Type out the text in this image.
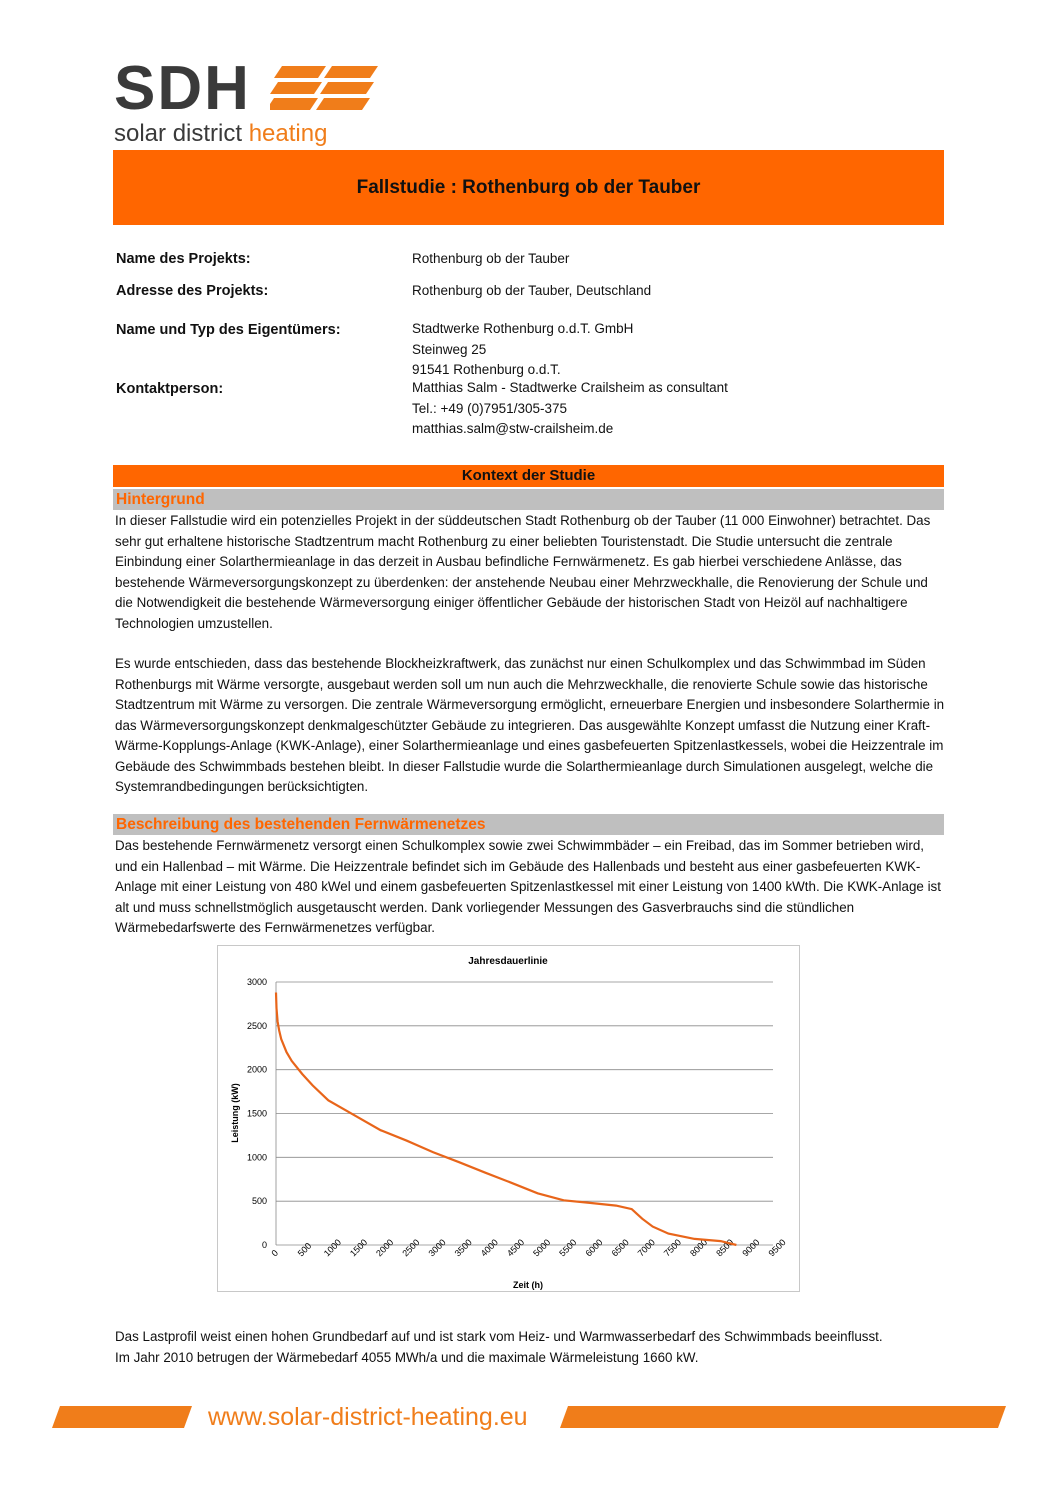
SDH
solar district heating
Fallstudie : Rothenburg ob der Tauber
Name des Projekts:	Rothenburg ob der Tauber
Adresse des Projekts:	Rothenburg ob der Tauber, Deutschland
Name und Typ des Eigentümers:	Stadtwerke Rothenburg o.d.T. GmbH
Steinweg 25
91541 Rothenburg o.d.T.
Kontaktperson:	Matthias Salm - Stadtwerke Crailsheim as consultant
Tel.: +49 (0)7951/305-375
matthias.salm@stw-crailsheim.de
Kontext der Studie
Hintergrund

In dieser Fallstudie wird ein potenzielles Projekt in der süddeutschen Stadt Rothenburg ob der Tauber (11 000 Einwohner) betrachtet. Das sehr gut erhaltene historische Stadtzentrum macht Rothenburg zu einer beliebten Touristenstadt. Die Studie untersucht die zentrale Einbindung einer Solarthermieanlage in das derzeit in Ausbau befindliche Fernwärmenetz. Es gab hierbei verschiedene Anlässe, das bestehende Wärmeversorgungskonzept zu überdenken: der anstehende Neubau einer Mehrzweckhalle, die Renovierung der Schule und die Notwendigkeit die bestehende Wärmeversorgung einiger öffentlicher Gebäude der historischen Stadt von Heizöl auf nachhaltigere Technologien umzustellen.

Es wurde entschieden, dass das bestehende Blockheizkraftwerk, das zunächst nur einen Schulkomplex und das Schwimmbad im Süden Rothenburgs mit Wärme versorgte, ausgebaut werden soll um nun auch die Mehrzweckhalle, die renovierte Schule sowie das historische Stadtzentrum mit Wärme zu versorgen. Die zentrale Wärmeversorgung ermöglicht, erneuerbare Energien und insbesondere Solarthermie in das Wärmeversorgungskonzept denkmalgeschützter Gebäude zu integrieren. Das ausgewählte Konzept umfasst die Nutzung einer Kraft-Wärme-Kopplungs-Anlage (KWK-Anlage), einer Solarthermieanlage und eines gasbefeuerten Spitzenlastkessels, wobei die Heizzentrale im Gebäude des Schwimmbads bestehen bleibt. In dieser Fallstudie wurde die Solarthermieanlage durch Simulationen ausgelegt, welche die Systemrandbedingungen berücksichtigten.

Beschreibung des bestehenden Fernwärmenetzes
Das bestehende Fernwärmenetz versorgt einen Schulkomplex sowie zwei Schwimmbäder – ein Freibad, das im Sommer betrieben wird, und ein Hallenbad – mit Wärme. Die Heizzentrale befindet sich im Gebäude des Hallenbads und besteht aus einer gasbefeuerten KWK-Anlage mit einer Leistung von 480 kWel und einem gasbefeuerten Spitzenlastkessel mit einer Leistung von 1400 kWth. Die KWK-Anlage ist alt und muss schnellstmöglich ausgetauscht werden. Dank vorliegender Messungen des Gasverbrauchs sind die stündlichen Wärmebedarfswerte des Fernwärmenetzes verfügbar.
Jahresdauerlinie
0
500
1000
1500
2000
2500
3000
0 500 1000 1500 2000 2500 3000 3500 4000 4500 5000 5500 6000 6500 7000 7500 8000 8500 9000 9500
Zeit (h)
Leistung (kW)
Das Lastprofil weist einen hohen Grundbedarf auf und ist stark vom Heiz- und Warmwasserbedarf des Schwimmbads beeinflusst.
Im Jahr 2010 betrugen der Wärmebedarf 4055 MWh/a und die maximale Wärmeleistung 1660 kW.
www.solar-district-heating.eu
